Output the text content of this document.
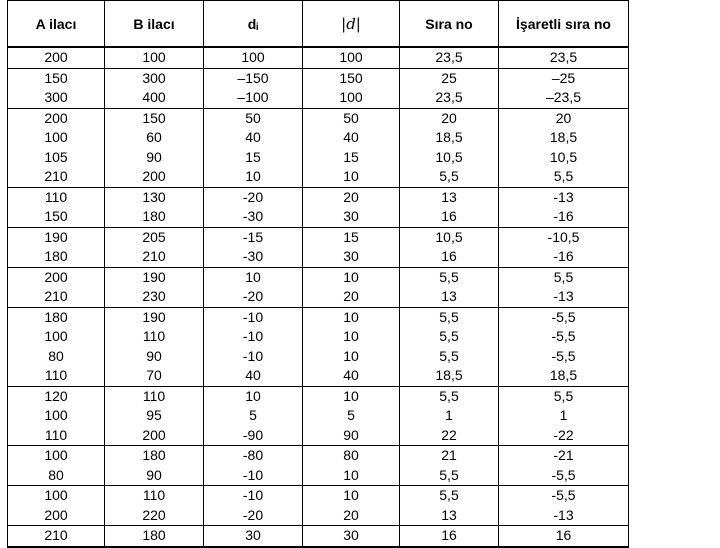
A ilacı	B ilacı	dᵢ	|d|	Sıra no	İşaretli sıra no
200	100	100	100	23,5	23,5
150	300	–150	150	25	–25
300	400	–100	100	23,5	–23,5
200	150	50	50	20	20
100	60	40	40	18,5	18,5
105	90	15	15	10,5	10,5
210	200	10	10	5,5	5,5
110	130	-20	20	13	-13
150	180	-30	30	16	-16
190	205	-15	15	10,5	-10,5
180	210	-30	30	16	-16
200	190	10	10	5,5	5,5
210	230	-20	20	13	-13
180	190	-10	10	5,5	-5,5
100	110	-10	10	5,5	-5,5
80	90	-10	10	5,5	-5,5
110	70	40	40	18,5	18,5
120	110	10	10	5,5	5,5
100	95	5	5	1	1
110	200	-90	90	22	-22
100	180	-80	80	21	-21
80	90	-10	10	5,5	-5,5
100	110	-10	10	5,5	-5,5
200	220	-20	20	13	-13
210	180	30	30	16	16
